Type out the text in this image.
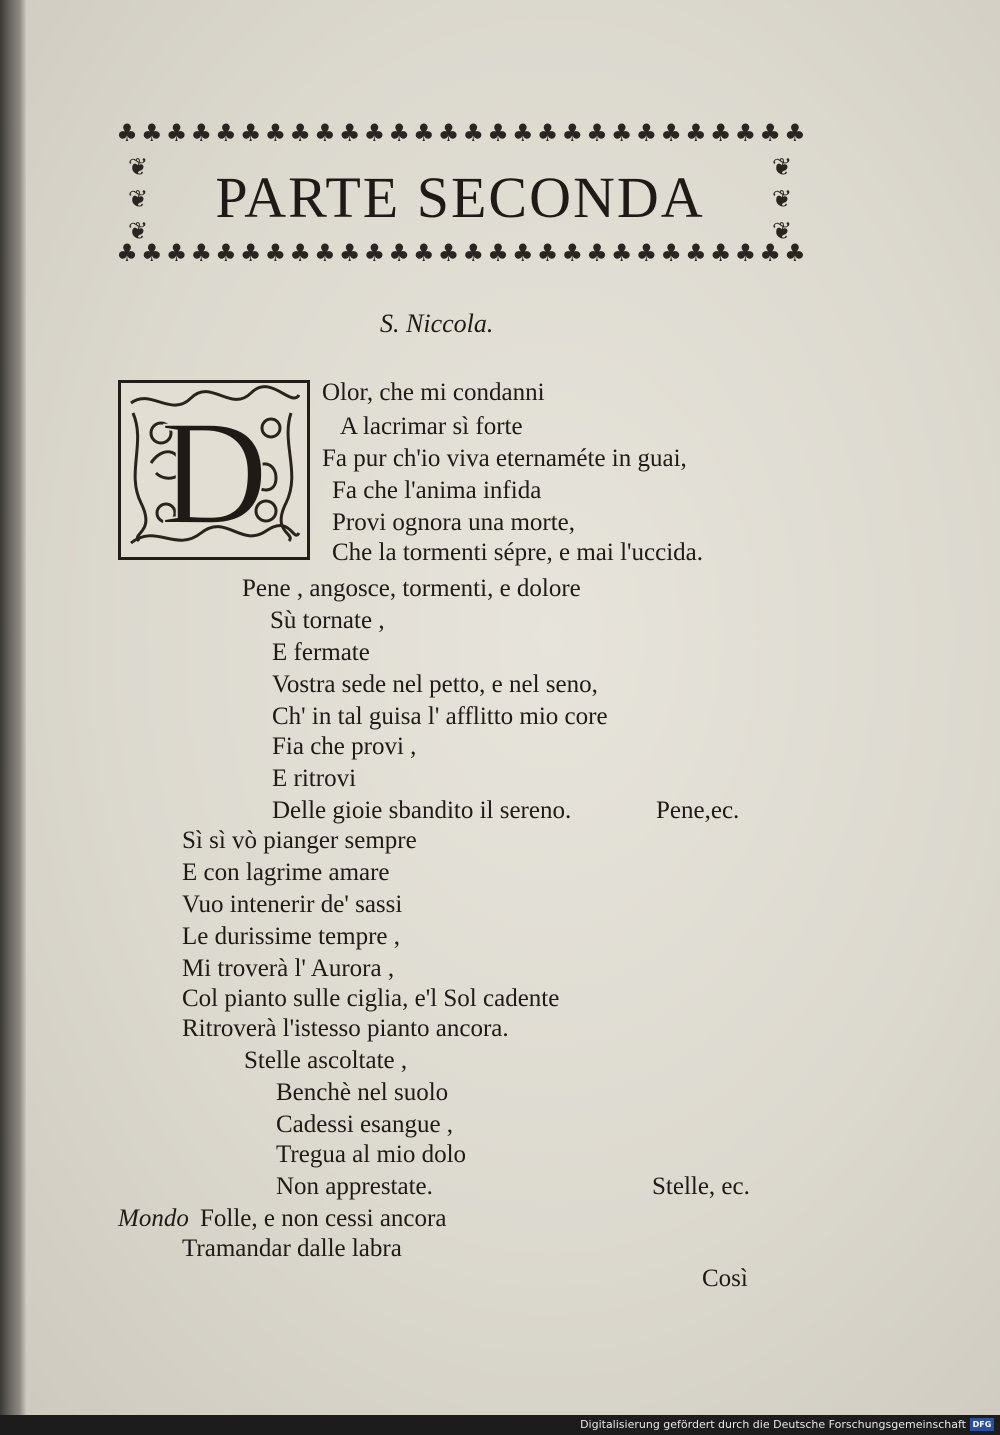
♣ ♣ ♣ ♣ ♣ ♣ ♣ ♣ ♣ ♣ ♣ ♣ ♣ ♣ ♣ ♣ ♣ ♣ ♣ ♣ ♣ ♣ ♣ ♣ ♣ ♣ ♣ ♣
♣ ♣ ♣ ♣ ♣ ♣ ♣ ♣ ♣ ♣ ♣ ♣ ♣ ♣ ♣ ♣ ♣ ♣ ♣ ♣ ♣ ♣ ♣ ♣ ♣ ♣ ♣ ♣
❦
❦
❦
❦
❦
❦
PARTE SECONDA
S. Niccola.
D Olor, che mi condanni
A lacrimar sì forte
Fa pur ch'io viva eternaméte in guai,
Fa che l'anima infida
Provi ognora una morte,
Che la tormenti sépre, e mai l'uccida.
Pene , angosce, tormenti, e dolore
Sù tornate ,
E fermate
Vostra sede nel petto, e nel seno,
Ch' in tal guisa l' afflitto mio core
Fia che provi ,
E ritrovi
Delle gioie sbandito il sereno.	Pene,ec.
Sì sì vò pianger sempre
E con lagrime amare
Vuo intenerir de' sassi
Le durissime tempre ,
Mi troverà l' Aurora ,
Col pianto sulle ciglia, e'l Sol cadente
Ritroverà l'istesso pianto ancora.
Stelle ascoltate ,
Benchè nel suolo
Cadessi esangue ,
Tregua al mio dolo
Non apprestate.	Stelle, ec.
Mondo Folle, e non cessi ancora
Tramandar dalle labra
Così
Digitalisierung gefördert durch die Deutsche Forschungsgemeinschaft DFG
